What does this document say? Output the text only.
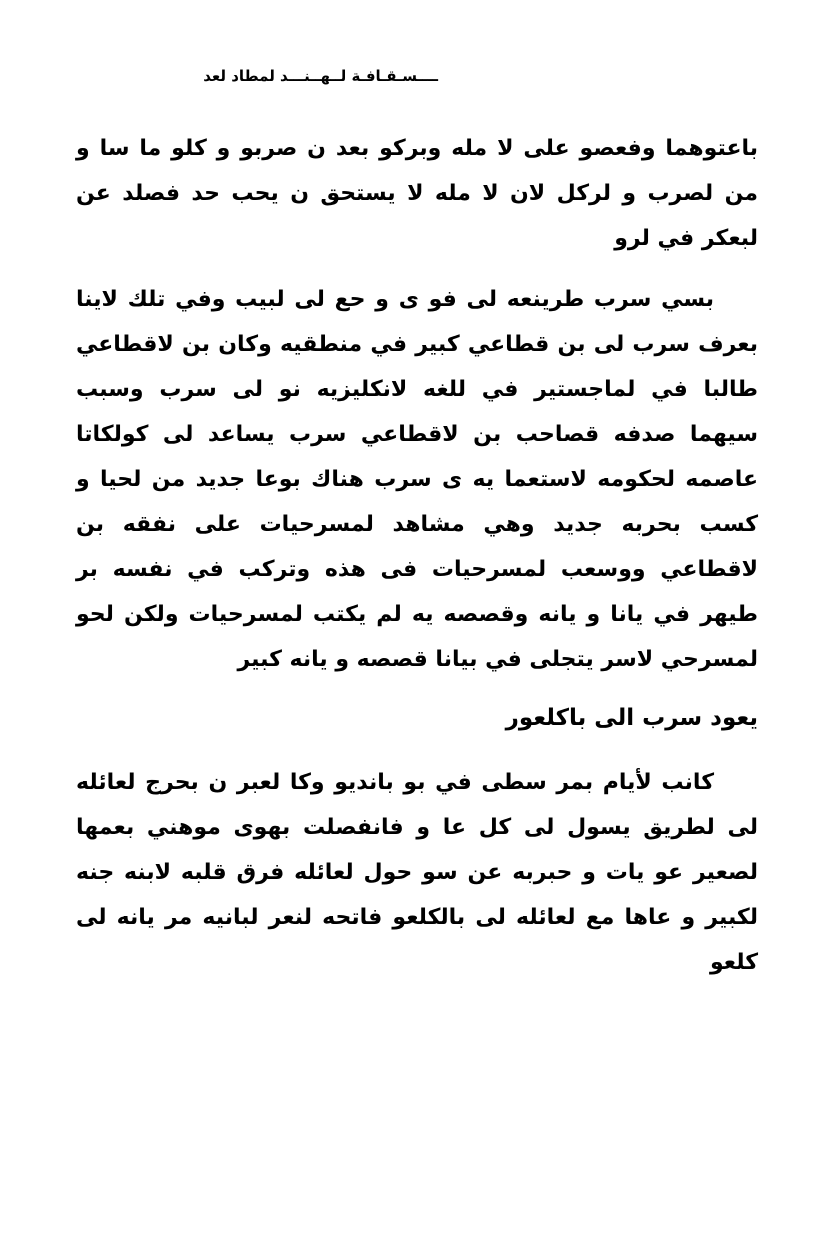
ــــسـقـافـة لــهــنـــد لمطاد لعد

باعتوهما وفعصو على لا مله وبركو بعد ن صربو و كلو ما سا و من لصرب و لركل لان لا مله لا يستحق ن يحب حد فصلد عن لبعكر في لرو

بسي سرب طرينعه لى فو ى و حع لى لبيب وفي تلك لاينا بعرف سرب لى بن قطاعي كبير في منطقيه وكان بن لاقطاعي طالبا في لماجستير في للغه لانكليزيه نو لى سرب وسبب سيهما صدفه قصاحب بن لاقطاعي سرب يساعد لى كولكاتا عاصمه لحكومه لاستعما يه ى سرب هناك بوعا جديد من لحيا و كسب بحربه جديد وهي مشاهد لمسرحيات على نفقه بن لاقطاعي ووسعب لمسرحيات فى هذه وتركب في نفسه بر طيهر في يانا و يانه وقصصه يه لم يكتب لمسرحيات ولكن لحو لمسرحي لاسر يتجلى في بيانا قصصه و يانه كبير

يعود سرب الى باكلعور

كانب لأيام بمر سطى في بو بانديو وكا لعبر ن بحرج لعائله لى لطريق يسول لى كل عا و فانفصلت بهوى موهني بعمها لصعير عو يات و حبربه عن سو حول لعائله فرق قلبه لابنه جنه لكبير و عاها مع لعائله لى بالكلعو فاتحه لنعر لبانيه مر يانه لى كلعو
